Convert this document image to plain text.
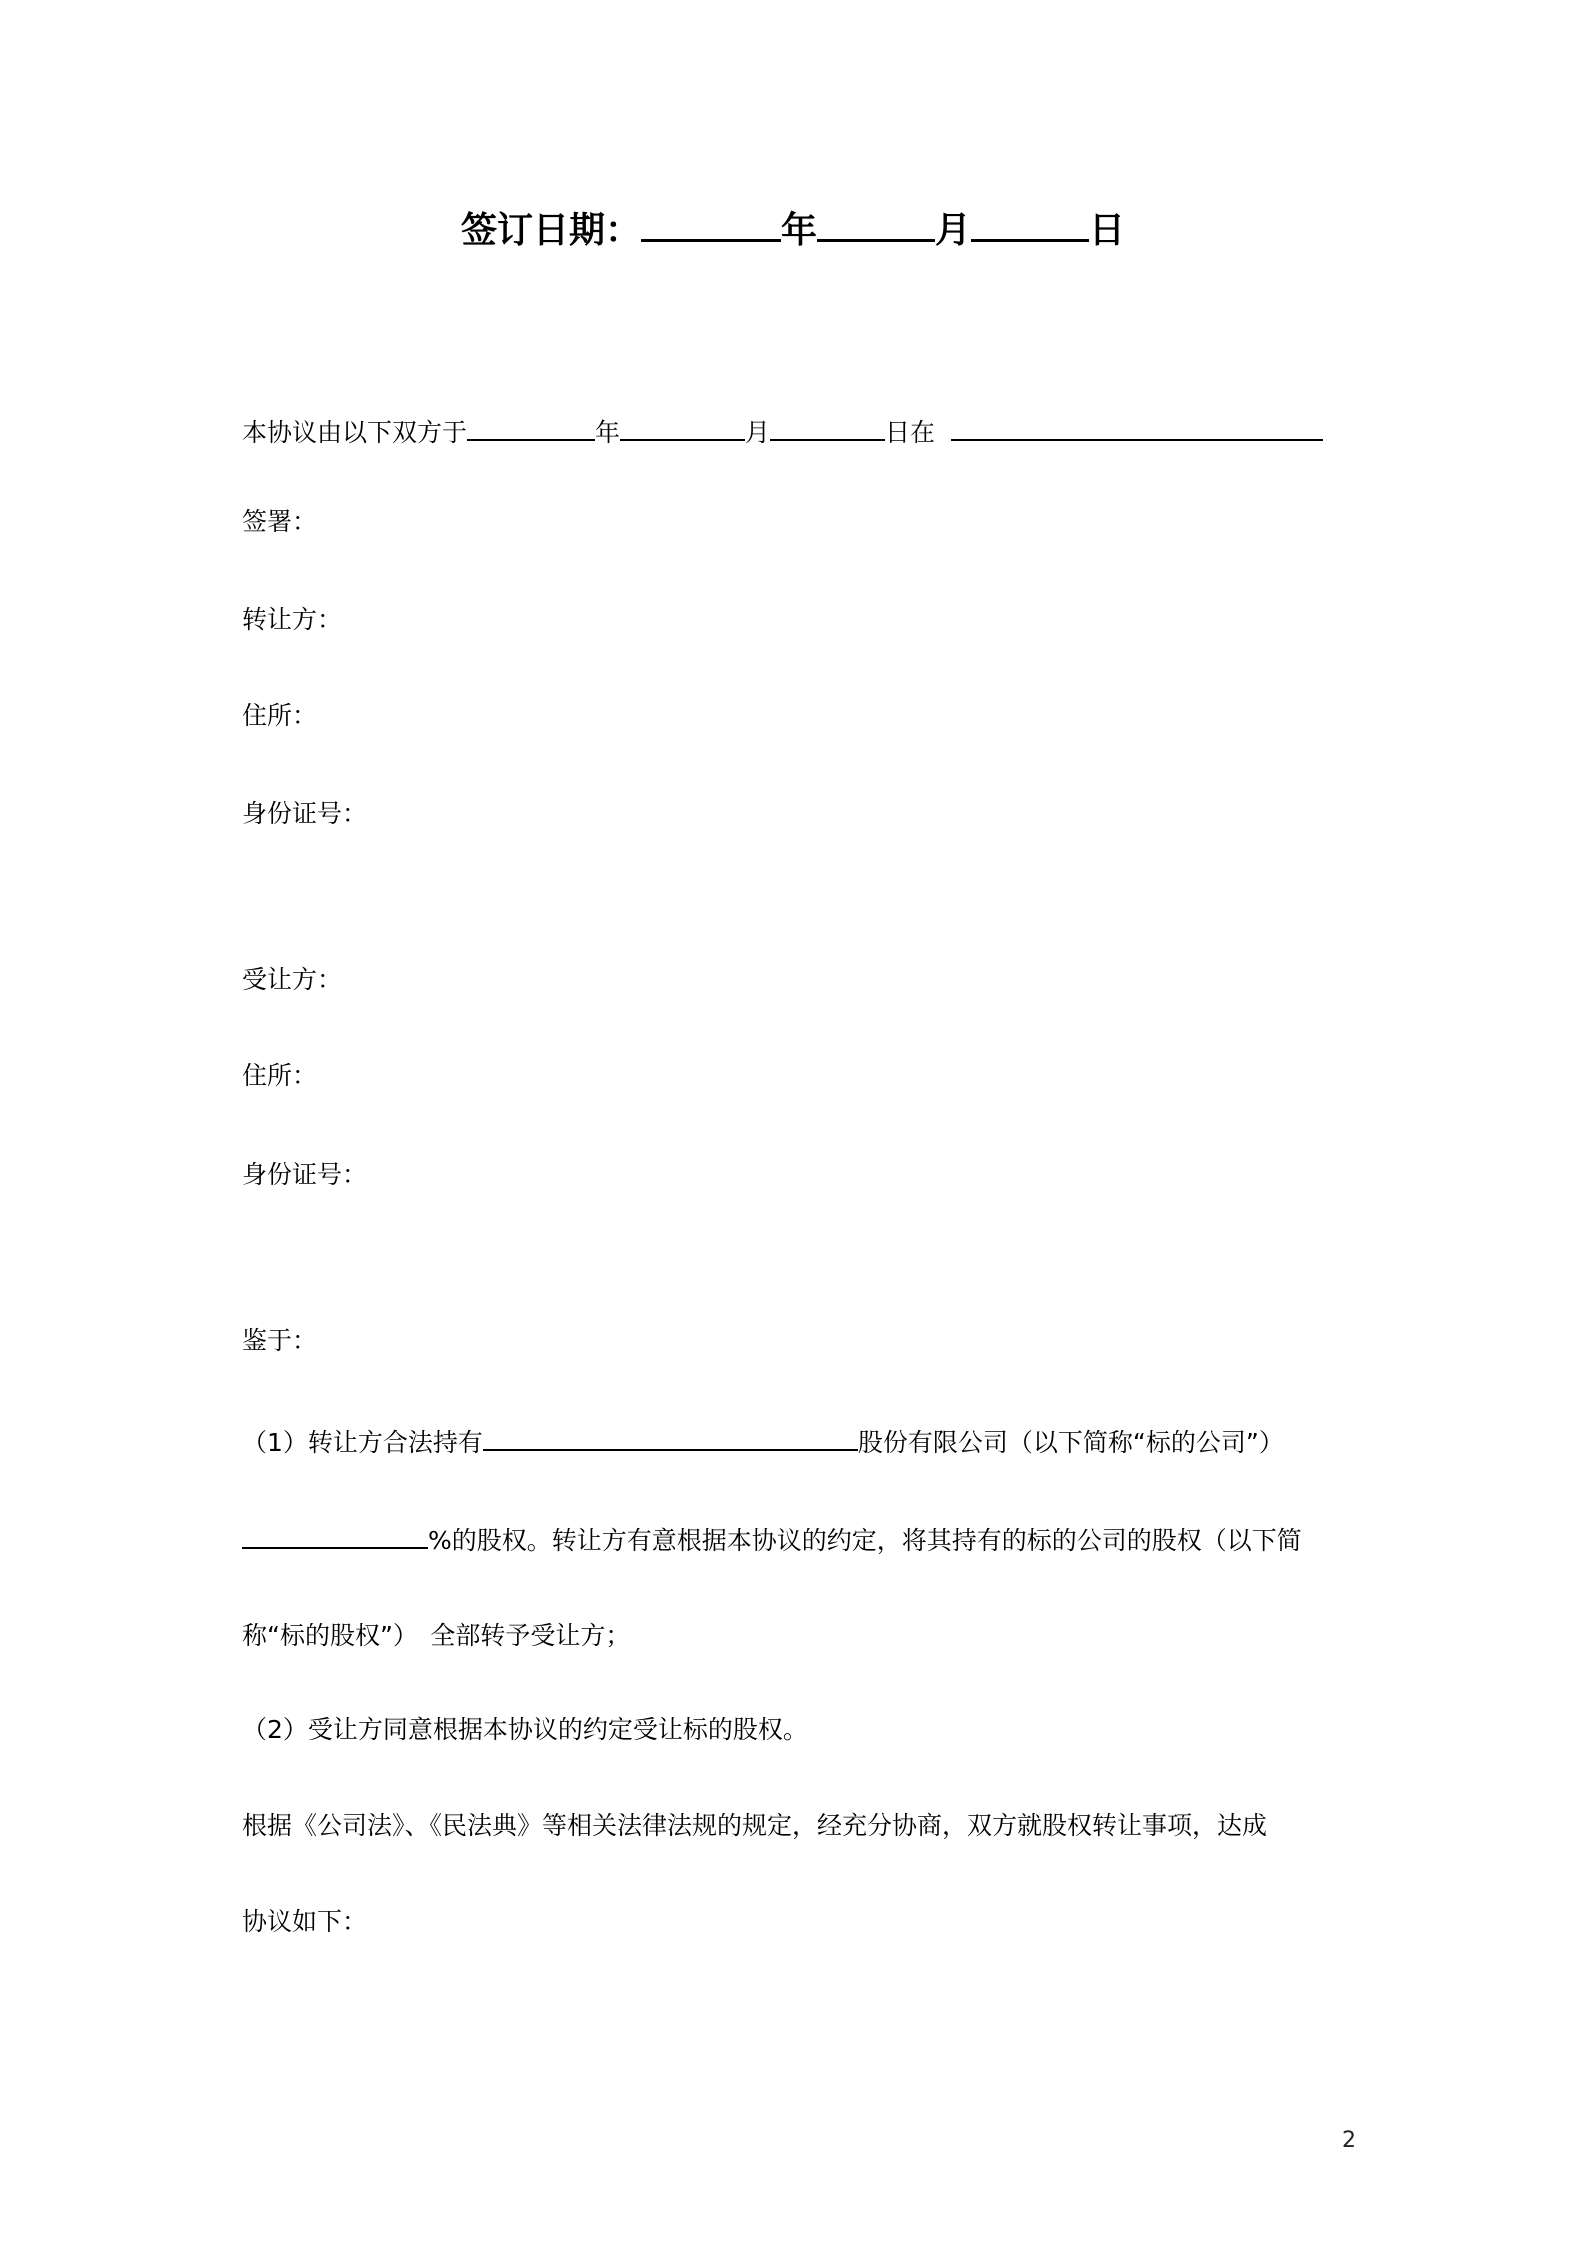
签订日期：	年	月	日
本协议由以下双方于	年	月	日在
签署：
转让方：
住所：
身份证号：
受让方：
住所：
身份证号：
鉴于：
（1）转让方合法持有	股份有限公司（以下简称“标的公司”）
%的股权。转让方有意根据本协议的约定，将其持有的标的公司的股权（以下简
称“标的股权”）　全部转予受让方；
（2）受让方同意根据本协议的约定受让标的股权。
根据《公司法》、《民法典》等相关法律法规的规定，经充分协商，双方就股权转让事项，达成
协议如下：
2
